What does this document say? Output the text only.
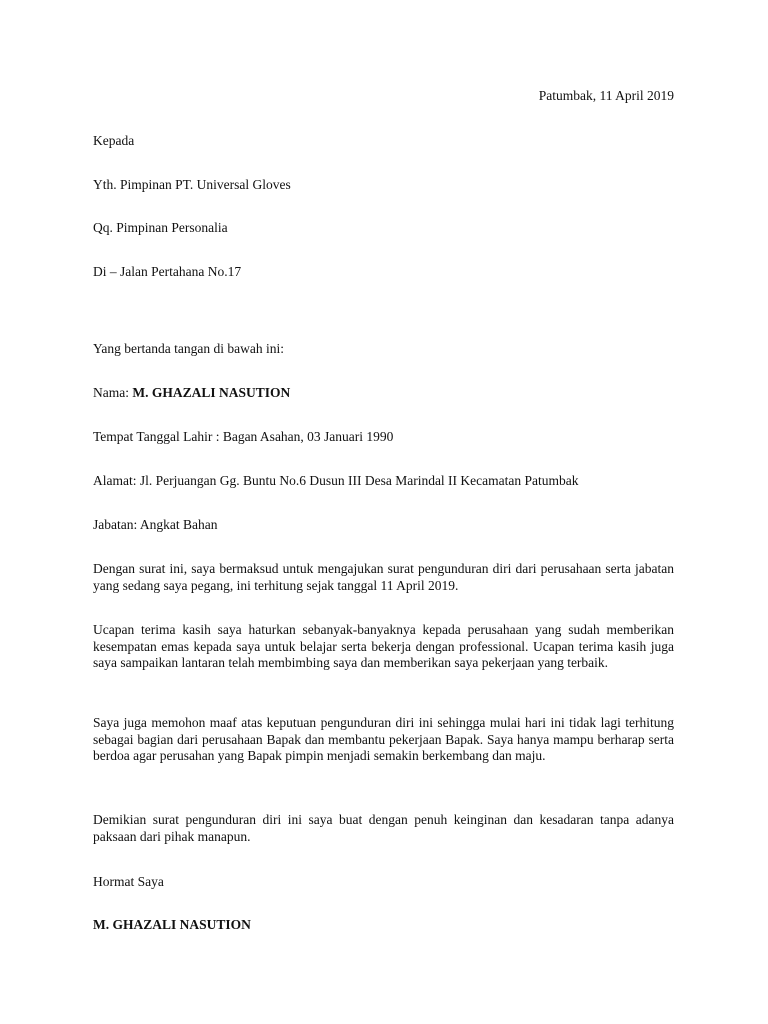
Patumbak, 11 April 2019
Kepada
Yth. Pimpinan PT. Universal Gloves
Qq. Pimpinan Personalia
Di – Jalan Pertahana No.17
Yang bertanda tangan di bawah ini:
Nama: M. GHAZALI NASUTION
Tempat Tanggal Lahir : Bagan Asahan, 03 Januari 1990
Alamat: Jl. Perjuangan Gg. Buntu No.6 Dusun III Desa Marindal II Kecamatan Patumbak
Jabatan: Angkat Bahan

Dengan surat ini, saya bermaksud untuk mengajukan surat pengunduran diri dari perusahaan serta jabatan yang sedang saya pegang, ini terhitung sejak tanggal 11 April 2019.

Ucapan terima kasih saya haturkan sebanyak-banyaknya kepada perusahaan yang sudah memberikan kesempatan emas kepada saya untuk belajar serta bekerja dengan professional. Ucapan terima kasih juga saya sampaikan lantaran telah membimbing saya dan memberikan saya pekerjaan yang terbaik.

Saya juga memohon maaf atas keputuan pengunduran diri ini sehingga mulai hari ini tidak lagi terhitung sebagai bagian dari perusahaan Bapak dan membantu pekerjaan Bapak. Saya hanya mampu berharap serta berdoa agar perusahan yang Bapak pimpin menjadi semakin berkembang dan maju.

Demikian surat pengunduran diri ini saya buat dengan penuh keinginan dan kesadaran tanpa adanya paksaan dari pihak manapun.

Hormat Saya
M. GHAZALI NASUTION
